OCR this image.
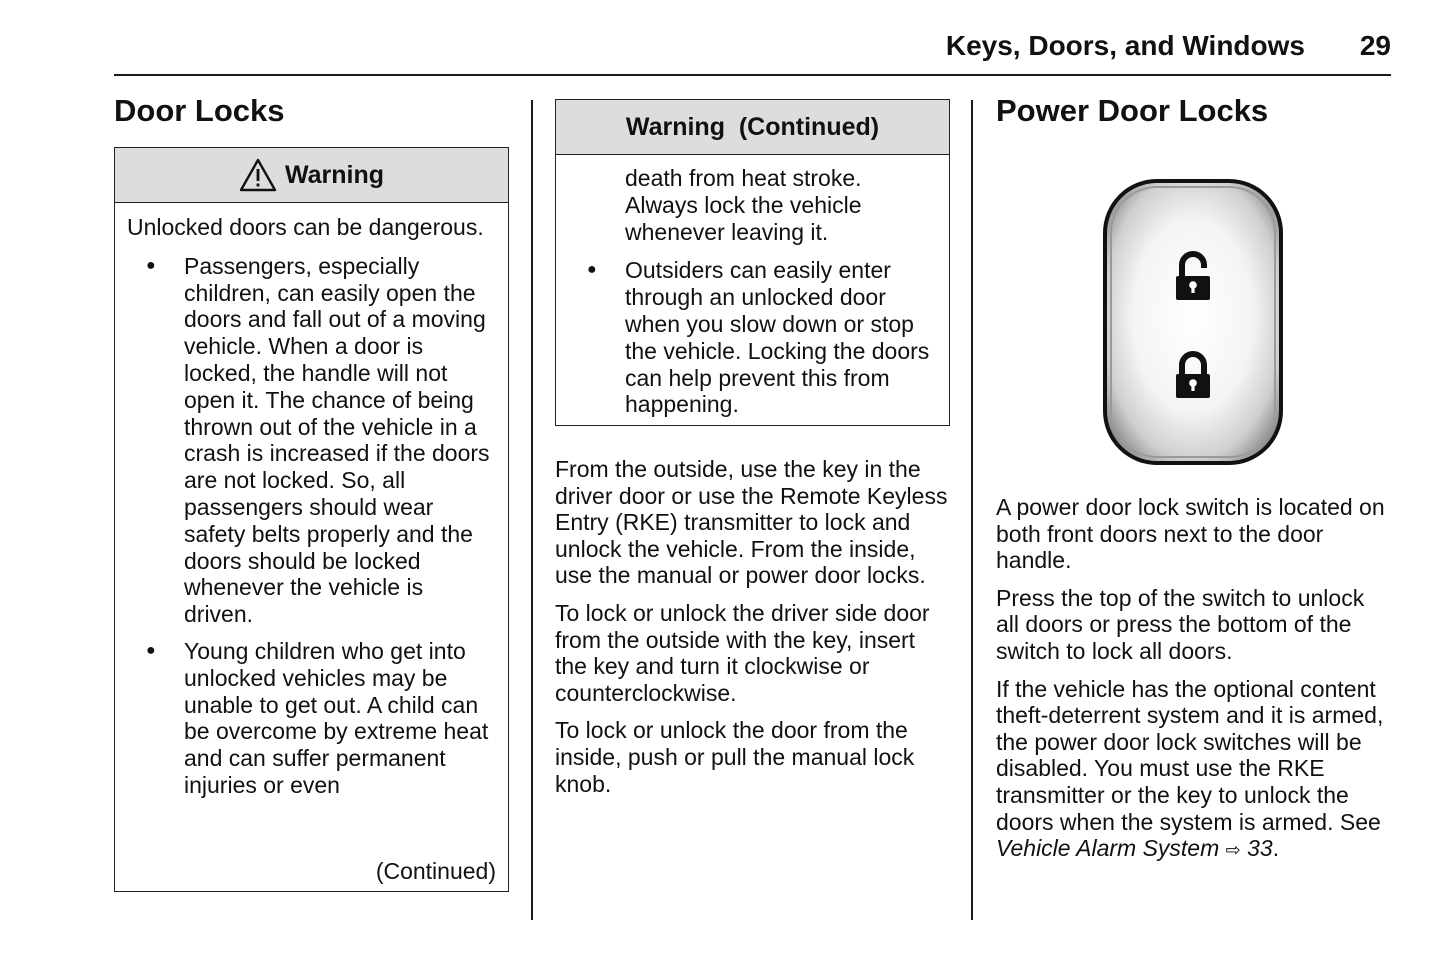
Keys, Doors, and Windows 29
Door Locks
Warning

Unlocked doors can be dangerous.

● Passengers, especially children, can easily open the doors and fall out of a moving vehicle. When a door is locked, the handle will not open it. The chance of being thrown out of the vehicle in a crash is increased if the doors are not locked. So, all passengers should wear safety belts properly and the doors should be locked whenever the vehicle is driven.
● Young children who get into unlocked vehicles may be unable to get out. A child can be overcome by extreme heat and can suffer permanent injuries or even
(Continued)
Warning  (Continued)

death from heat stroke. Always lock the vehicle whenever leaving it.

● Outsiders can easily enter through an unlocked door when you slow down or stop the vehicle. Locking the doors can help prevent this from happening.

From the outside, use the key in the driver door or use the Remote Keyless Entry (RKE) transmitter to lock and unlock the vehicle. From the inside, use the manual or power door locks.

To lock or unlock the driver side door from the outside with the key, insert the key and turn it clockwise or counterclockwise.

To lock or unlock the door from the inside, push or pull the manual lock knob.

Power Door Locks

A power door lock switch is located on both front doors next to the door handle.

Press the top of the switch to unlock all doors or press the bottom of the switch to lock all doors.

If the vehicle has the optional content theft-deterrent system and it is armed, the power door lock switches will be disabled. You must use the RKE transmitter or the key to unlock the doors when the system is armed. See Vehicle Alarm System ⇨ 33.
